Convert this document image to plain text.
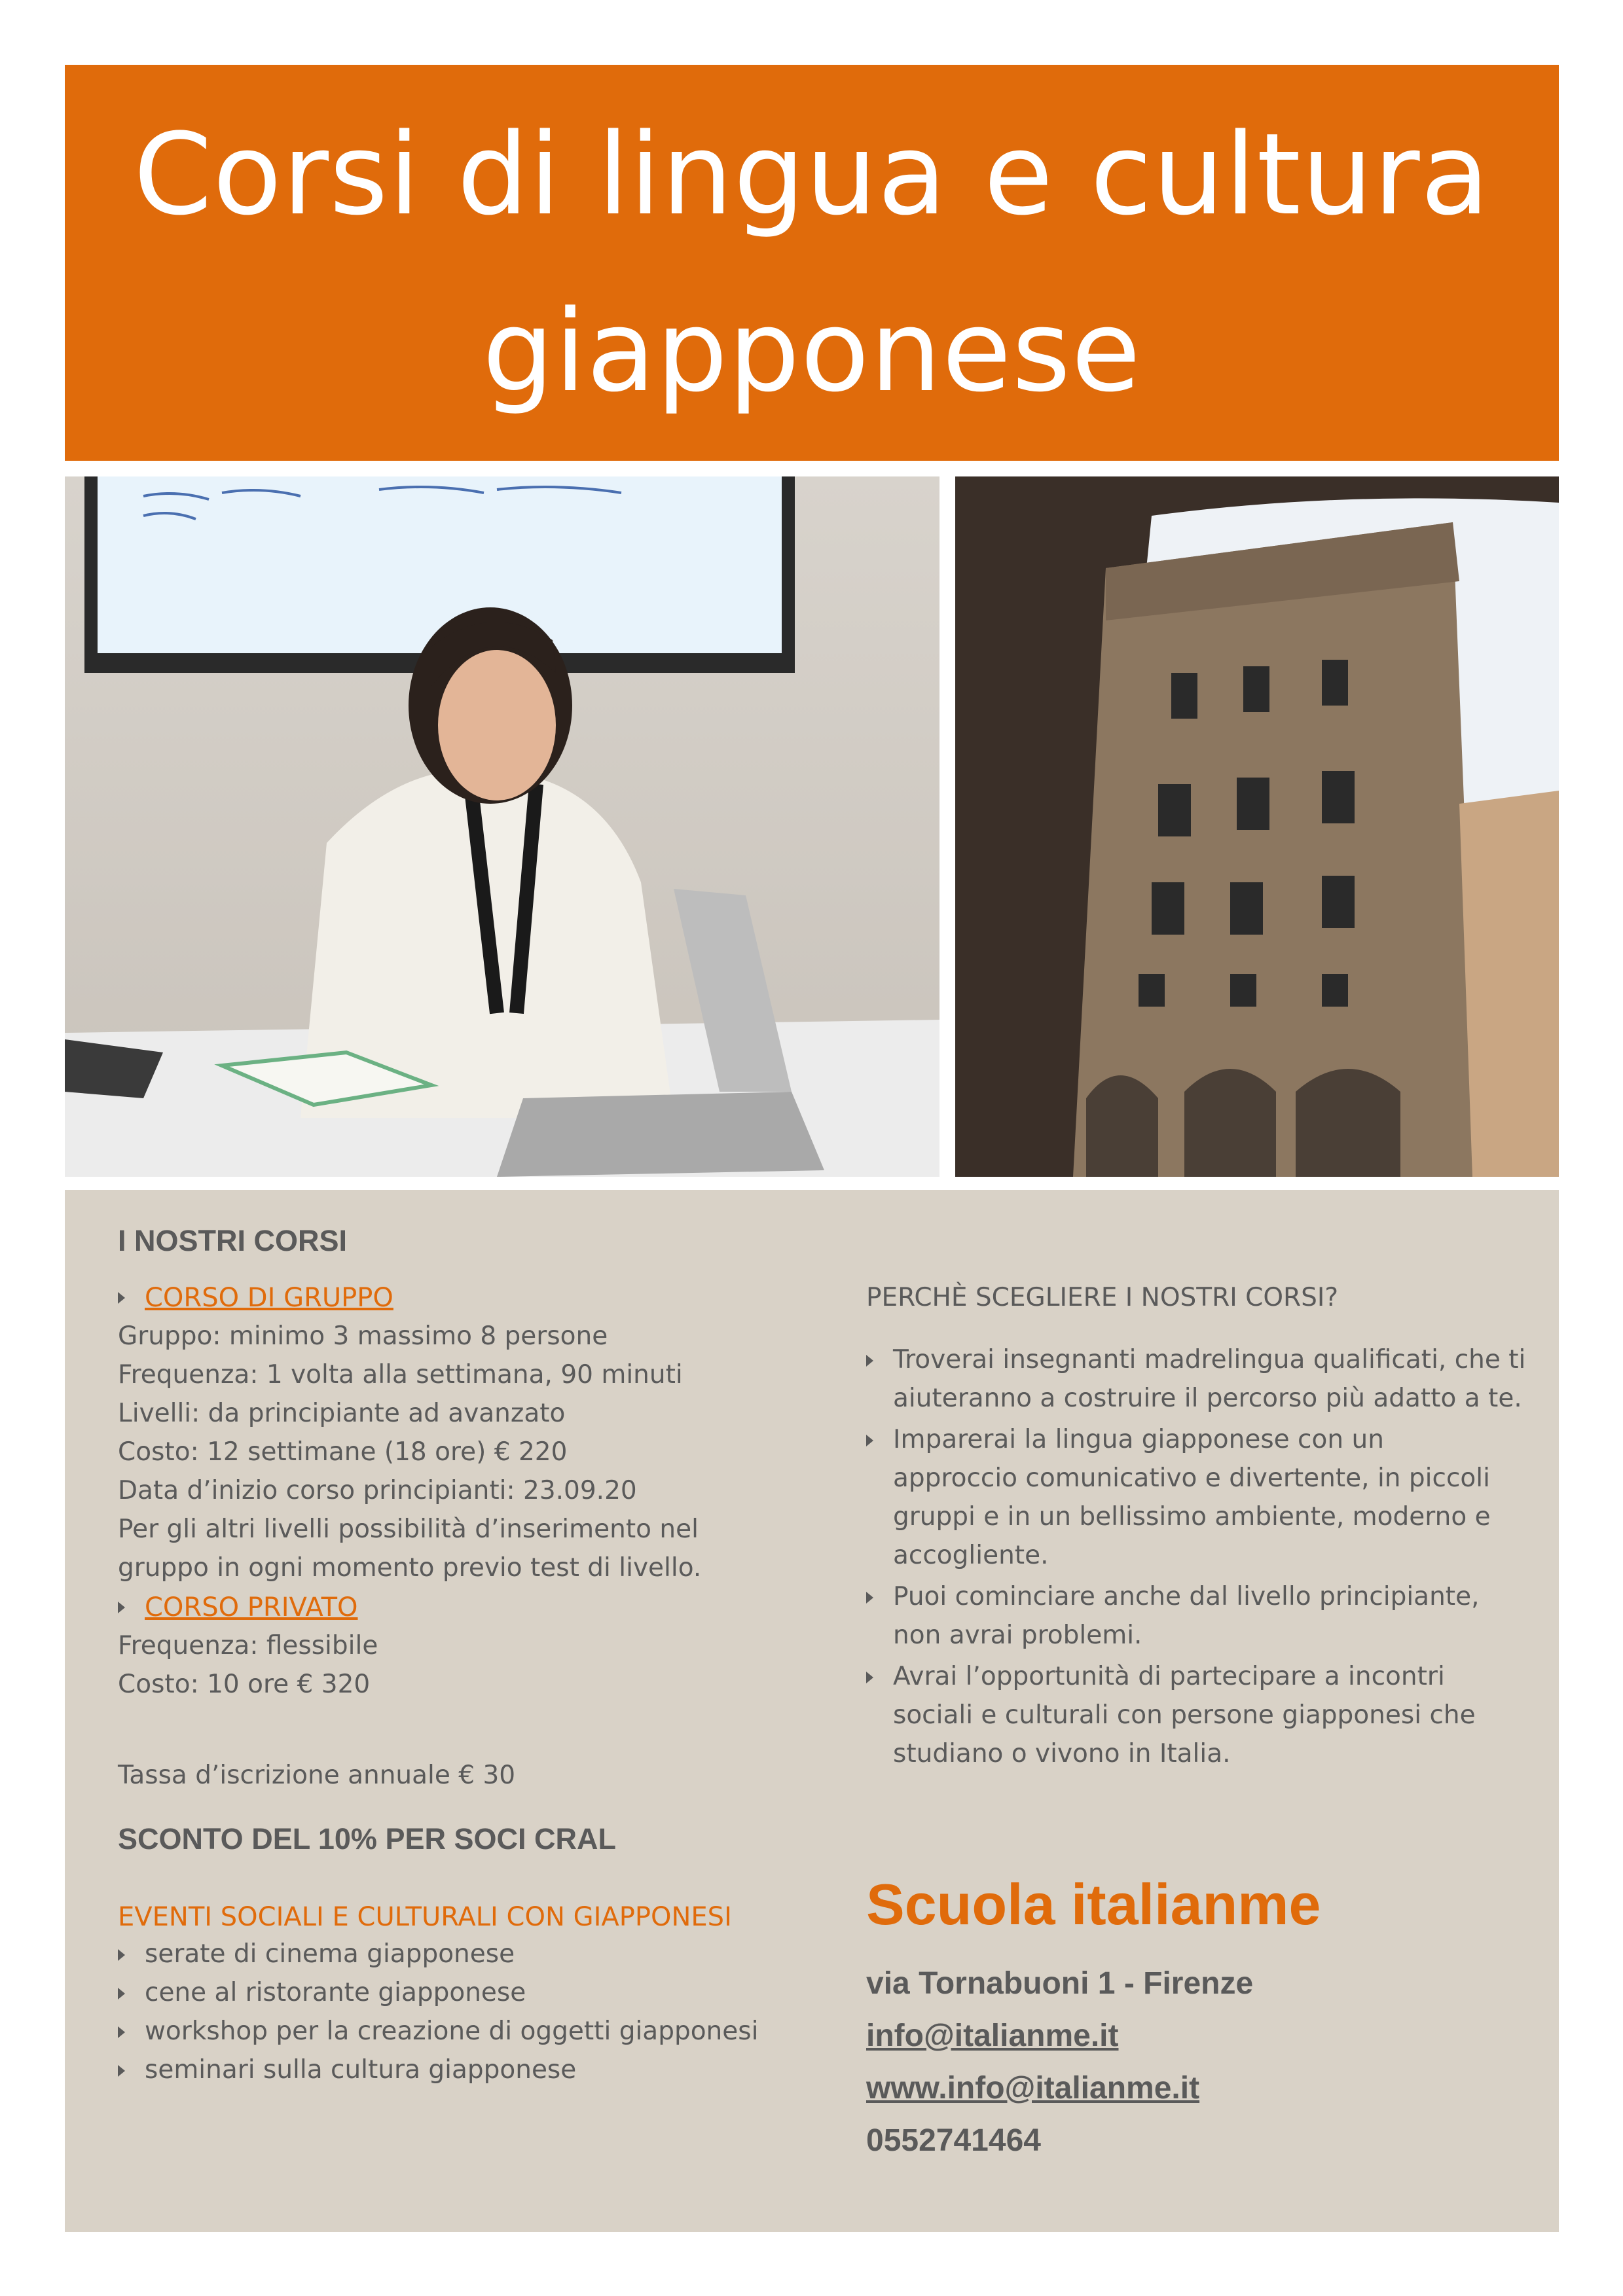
Corsi di lingua e cultura
giapponese
I NOSTRI CORSI
CORSO DI GRUPPO
Gruppo: minimo 3 massimo 8 persone
Frequenza: 1 volta alla settimana, 90 minuti
Livelli: da principiante ad avanzato
Costo: 12 settimane (18 ore) € 220
Data d’inizio corso principianti: 23.09.20
Per gli altri livelli possibilità d’inserimento nel
gruppo in ogni momento previo test di livello.
CORSO PRIVATO
Frequenza: flessibile
Costo: 10 ore € 320
Tassa d’iscrizione annuale € 30
SCONTO DEL 10% PER SOCI CRAL
EVENTI SOCIALI E CULTURALI CON GIAPPONESI
serate di cinema giapponese
cene al ristorante giapponese
workshop per la creazione di oggetti giapponesi
seminari sulla cultura giapponese
PERCHÈ SCEGLIERE I NOSTRI CORSI?
Troverai insegnanti madrelingua qualificati, che ti
aiuteranno a costruire il percorso più adatto a te.
Imparerai la lingua giapponese con un
approccio comunicativo e divertente, in piccoli
gruppi e in un bellissimo ambiente, moderno e
accogliente.
Puoi cominciare anche dal livello principiante,
non avrai problemi.
Avrai l’opportunità di partecipare a incontri
sociali e culturali con persone giapponesi che
studiano o vivono in Italia.
Scuola italianme
via Tornabuoni 1 - Firenze
info@italianme.it
www.info@italianme.it
0552741464
